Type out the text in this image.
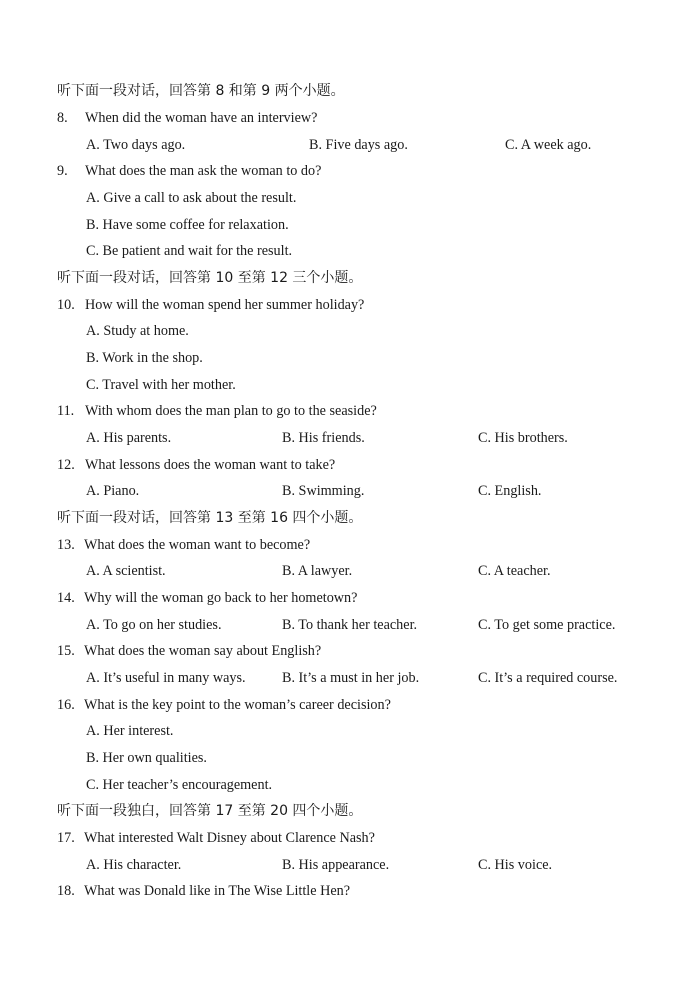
听下面一段对话，回答第 8 和第 9 两个小题。
8. When did the woman have an interview?
A. Two days ago.	B. Five days ago.	C. A week ago.
9. What does the man ask the woman to do?
A. Give a call to ask about the result.
B. Have some coffee for relaxation.
C. Be patient and wait for the result.
听下面一段对话，回答第 10 至第 12 三个小题。
10. How will the woman spend her summer holiday?
A. Study at home.
B. Work in the shop.
C. Travel with her mother.
11. With whom does the man plan to go to the seaside?
A. His parents.	B. His friends.	C. His brothers.
12. What lessons does the woman want to take?
A. Piano.	B. Swimming.	C. English.
听下面一段对话，回答第 13 至第 16 四个小题。
13. What does the woman want to become?
A. A scientist.	B. A lawyer.	C. A teacher.
14. Why will the woman go back to her hometown?
A. To go on her studies.	B. To thank her teacher.	C. To get some practice.
15. What does the woman say about English?
A. It’s useful in many ways.	B. It’s a must in her job.	C. It’s a required course.
16. What is the key point to the woman’s career decision?
A. Her interest.
B. Her own qualities.
C. Her teacher’s encouragement.
听下面一段独白，回答第 17 至第 20 四个小题。
17. What interested Walt Disney about Clarence Nash?
A. His character.	B. His appearance.	C. His voice.
18. What was Donald like in The Wise Little Hen?
